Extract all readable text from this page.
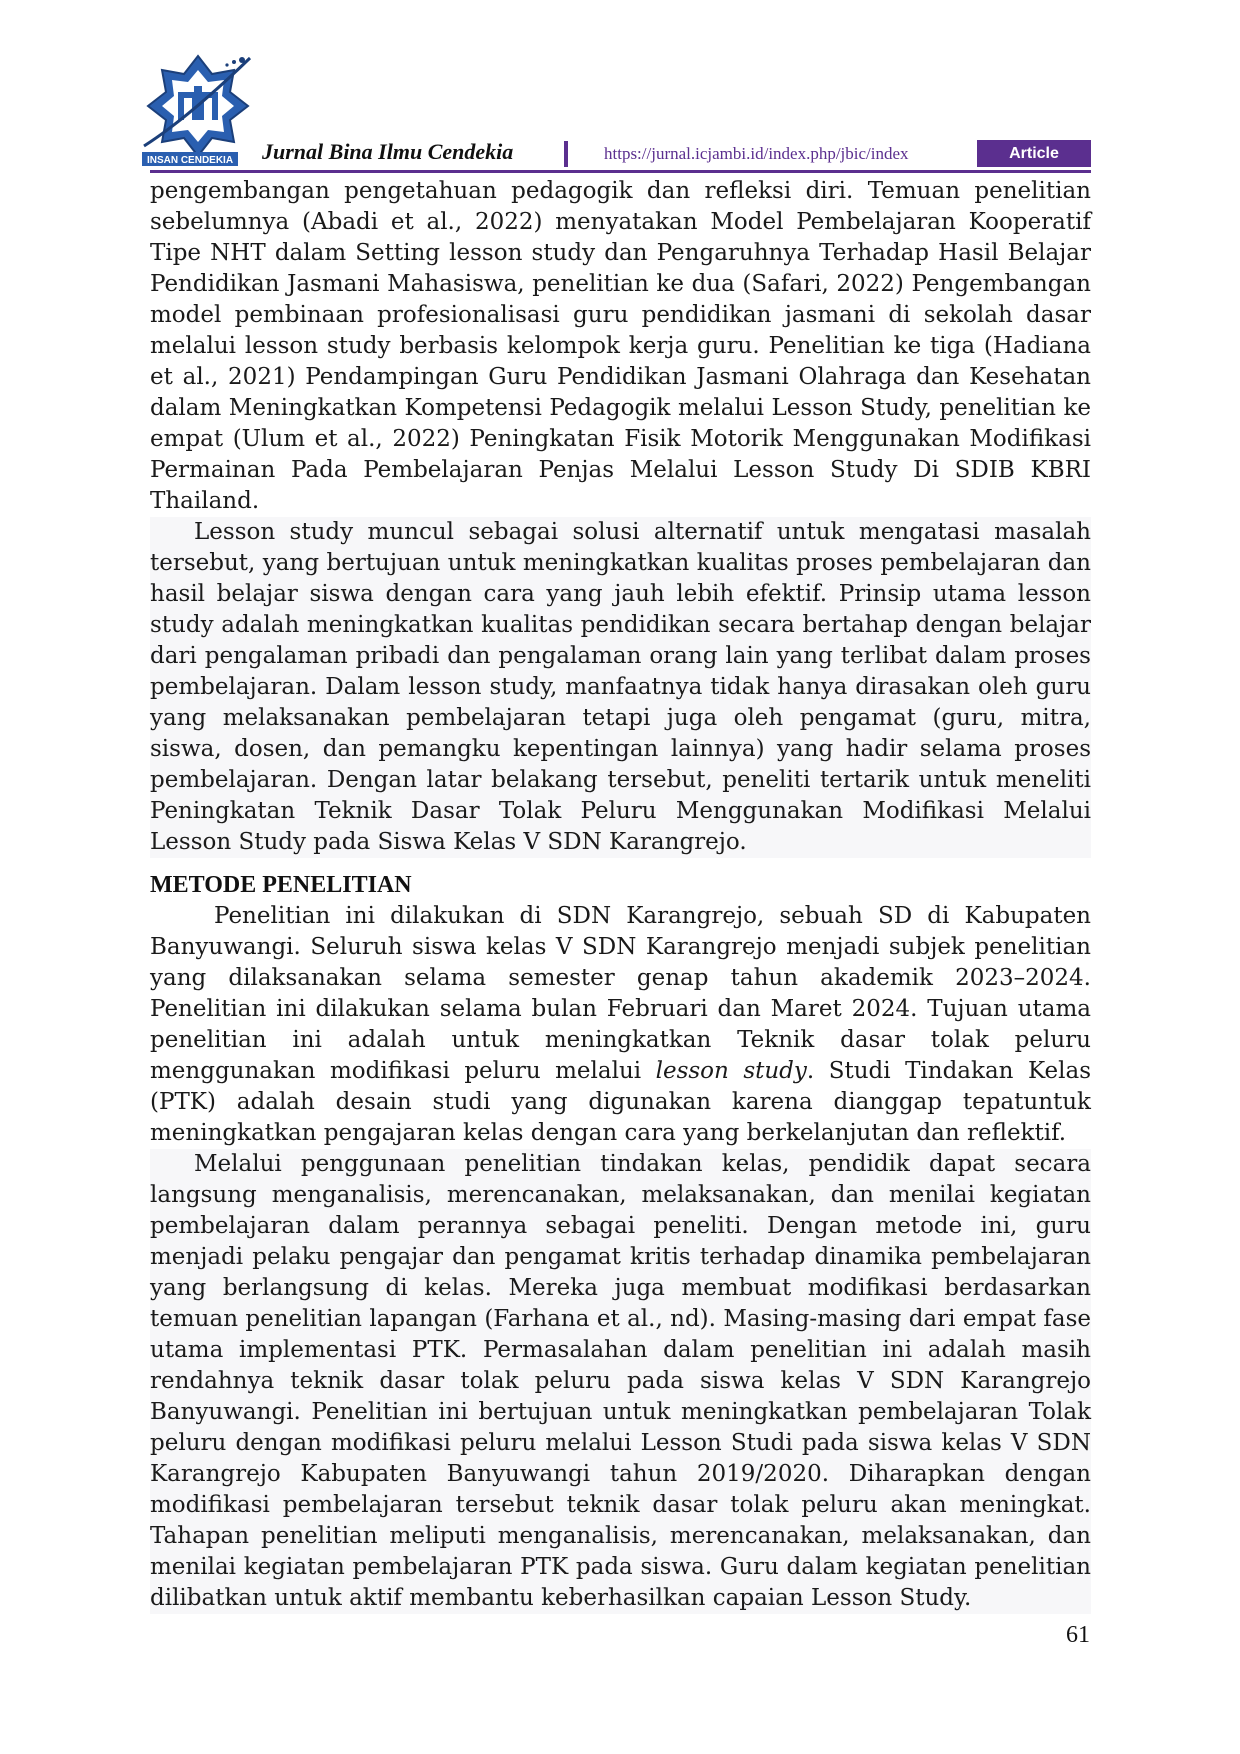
INSAN CENDEKIA Jurnal Bina Ilmu Cendekia	https://jurnal.icjambi.id/index.php/jbic/index	Article

pengembangan pengetahuan pedagogik dan refleksi diri. Temuan penelitian sebelumnya (Abadi et al., 2022) menyatakan Model Pembelajaran Kooperatif Tipe NHT dalam Setting lesson study dan Pengaruhnya Terhadap Hasil Belajar Pendidikan Jasmani Mahasiswa, penelitian ke dua (Safari, 2022) Pengembangan model pembinaan profesionalisasi guru pendidikan jasmani di sekolah dasar melalui lesson study berbasis kelompok kerja guru. Penelitian ke tiga (Hadiana et al., 2021) Pendampingan Guru Pendidikan Jasmani Olahraga dan Kesehatan dalam Meningkatkan Kompetensi Pedagogik melalui Lesson Study, penelitian ke empat (Ulum et al., 2022) Peningkatan Fisik Motorik Menggunakan Modifikasi Permainan Pada Pembelajaran Penjas Melalui Lesson Study Di SDIB KBRI Thailand.

Lesson study muncul sebagai solusi alternatif untuk mengatasi masalah tersebut, yang bertujuan untuk meningkatkan kualitas proses pembelajaran dan hasil belajar siswa dengan cara yang jauh lebih efektif. Prinsip utama lesson study adalah meningkatkan kualitas pendidikan secara bertahap dengan belajar dari pengalaman pribadi dan pengalaman orang lain yang terlibat dalam proses pembelajaran. Dalam lesson study, manfaatnya tidak hanya dirasakan oleh guru yang melaksanakan pembelajaran tetapi juga oleh pengamat (guru, mitra, siswa, dosen, dan pemangku kepentingan lainnya) yang hadir selama proses pembelajaran. Dengan latar belakang tersebut, peneliti tertarik untuk meneliti Peningkatan Teknik Dasar Tolak Peluru Menggunakan Modifikasi Melalui Lesson Study pada Siswa Kelas V SDN Karangrejo.

METODE PENELITIAN

Penelitian ini dilakukan di SDN Karangrejo, sebuah SD di Kabupaten Banyuwangi. Seluruh siswa kelas V SDN Karangrejo menjadi subjek penelitian yang dilaksanakan selama semester genap tahun akademik 2023–2024. Penelitian ini dilakukan selama bulan Februari dan Maret 2024. Tujuan utama penelitian ini adalah untuk meningkatkan Teknik dasar tolak peluru menggunakan modifikasi peluru melalui lesson study. Studi Tindakan Kelas (PTK) adalah desain studi yang digunakan karena dianggap tepatuntuk meningkatkan pengajaran kelas dengan cara yang berkelanjutan dan reflektif.

Melalui penggunaan penelitian tindakan kelas, pendidik dapat secara langsung menganalisis, merencanakan, melaksanakan, dan menilai kegiatan pembelajaran dalam perannya sebagai peneliti. Dengan metode ini, guru menjadi pelaku pengajar dan pengamat kritis terhadap dinamika pembelajaran yang berlangsung di kelas. Mereka juga membuat modifikasi berdasarkan temuan penelitian lapangan (Farhana et al., nd). Masing-masing dari empat fase utama implementasi PTK. Permasalahan dalam penelitian ini adalah masih rendahnya teknik dasar tolak peluru pada siswa kelas V SDN Karangrejo Banyuwangi. Penelitian ini bertujuan untuk meningkatkan pembelajaran Tolak peluru dengan modifikasi peluru melalui Lesson Studi pada siswa kelas V SDN Karangrejo Kabupaten Banyuwangi tahun 2019/2020. Diharapkan dengan modifikasi pembelajaran tersebut teknik dasar tolak peluru akan meningkat. Tahapan penelitian meliputi menganalisis, merencanakan, melaksanakan, dan menilai kegiatan pembelajaran PTK pada siswa. Guru dalam kegiatan penelitian dilibatkan untuk aktif membantu keberhasilkan capaian Lesson Study.

61
